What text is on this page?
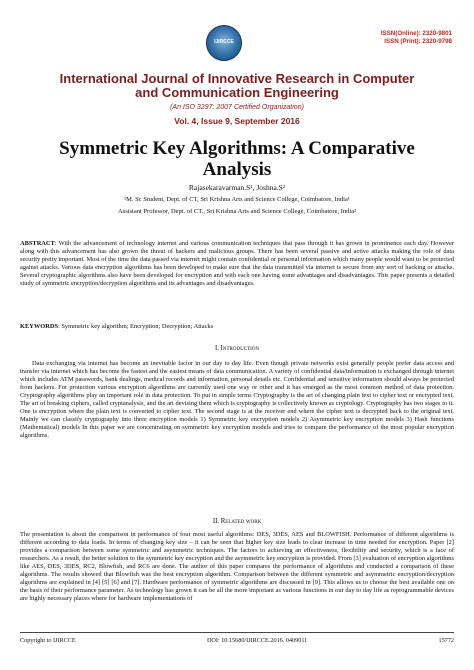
IJIRCCE
ISSN(Online): 2320-9801
ISSN (Print): 2320-9798
International Journal of Innovative Research in Computer
and Communication Engineering
(An ISO 3297: 2007 Certified Organization)
Vol. 4, Issue 9, September 2016
Symmetric Key Algorithms: A Comparative
Analysis
Rajasekaravarman.S¹, Joshna.S²
¹M. Sc Student, Dept. of CT, Sri Krishna Arts and Science College, Coimbatore, India¹
Assistant Professor, Dept. of CT., Sri Krishna Arts and Science College, Coimbatore, India²
ABSTRACT: With the advancement of technology internet and various communication techniques that pass through it has grown in prominence each day. However along with this advancement has also grown the threat of hackers and malicious groups. There has been several passive and active attacks making the role of data security pretty important. Most of the time the data passed via internet might contain confidential or personal information which many people would want to be protected against attacks. Various data encryption algorithms has been developed to make sure that the data transmitted via internet is secure from any sort of hacking or attacks. Several cryptographic algorithms also have been developed for encryption and with each one having some advantages and disadvantages. This paper presents a detailed study of symmetric encryption/decryption algorithms and its advantages and disadvantages.
KEYWORDS: Symmetric key algorithm; Encryption; Decryption; Attacks
I. Introduction
Data exchanging via internet has become an inevitable factor in our day to day life. Even though private networks exist generally people prefer data access and transfer via internet which has become the fastest and the easiest means of data communication. A variety of confidential data/information is exchanged through internet which includes ATM passwords, bank dealings, medical records and information, personal details etc. Confidential and sensitive information should always be protected from hackers. For protection various encryption algorithms are currently used one way or other and it has emerged as the most common method of data protection. Cryptography algorithms play an important role in data protection. To put in simple terms Cryptography is the art of changing plain text to cipher text or encrypted text. The art of breaking ciphers, called cryptanalysis, and the art devising them which is cryptography is collectively known as cryptology. Cryptography has two stages to it. One is encryption where the plain text is converted to cipher text. The second stage is at the receiver end where the cipher text is decrypted back to the original text. Mainly we can classify cryptography into three encryption models 1) Symmetric key encryption models 2) Asymmetric key encryption models 3) Hash functions (Mathematical) models In this paper we are concentrating on symmetric key encryption models and tries to compare the performance of the most popular encryption algorithms.
II. Related work
The presentation is about the comparison in performance of four most useful algorithms: DES, 3DES, AES and BLOWFISH. Performance of different algorithms is different according to data loads. In terms of changing key size – it can be seen that higher key size leads to clear increase in time needed for encryption. Paper [2] provides a comparison between some symmetric and asymmetric techniques. The factors to achieving an effectiveness, flexibility and security, which is a face of researchers. As a result, the better solution to the symmetric key encryption and the asymmetric key encryption is provided. From [3] evaluation of encryption algorithms like AES, DES, 3DES, RC2, Blowfish, and RC6 are done. The author of this paper compares the performance of algorithms and conducted a comparison of these algorithms. The results showed that Blowfish was the best encryption algorithm. Comparison between the different symmetric and asymmetric encryption/decryption algorithms are explained in [4] [5] [6] and [7]. Hardware performance of symmetric algorithms are discussed in [9]. This allows us to choose the best available one on the basis of their performance parameter. As technology has grown it can be all the more important as various functions in our day to day life as reprogrammable devices are highly necessary places where for hardware implementations of
Copyright to IJIRCCE	DOI: 10.15680/IJIRCCE.2016. 0409011	15772
